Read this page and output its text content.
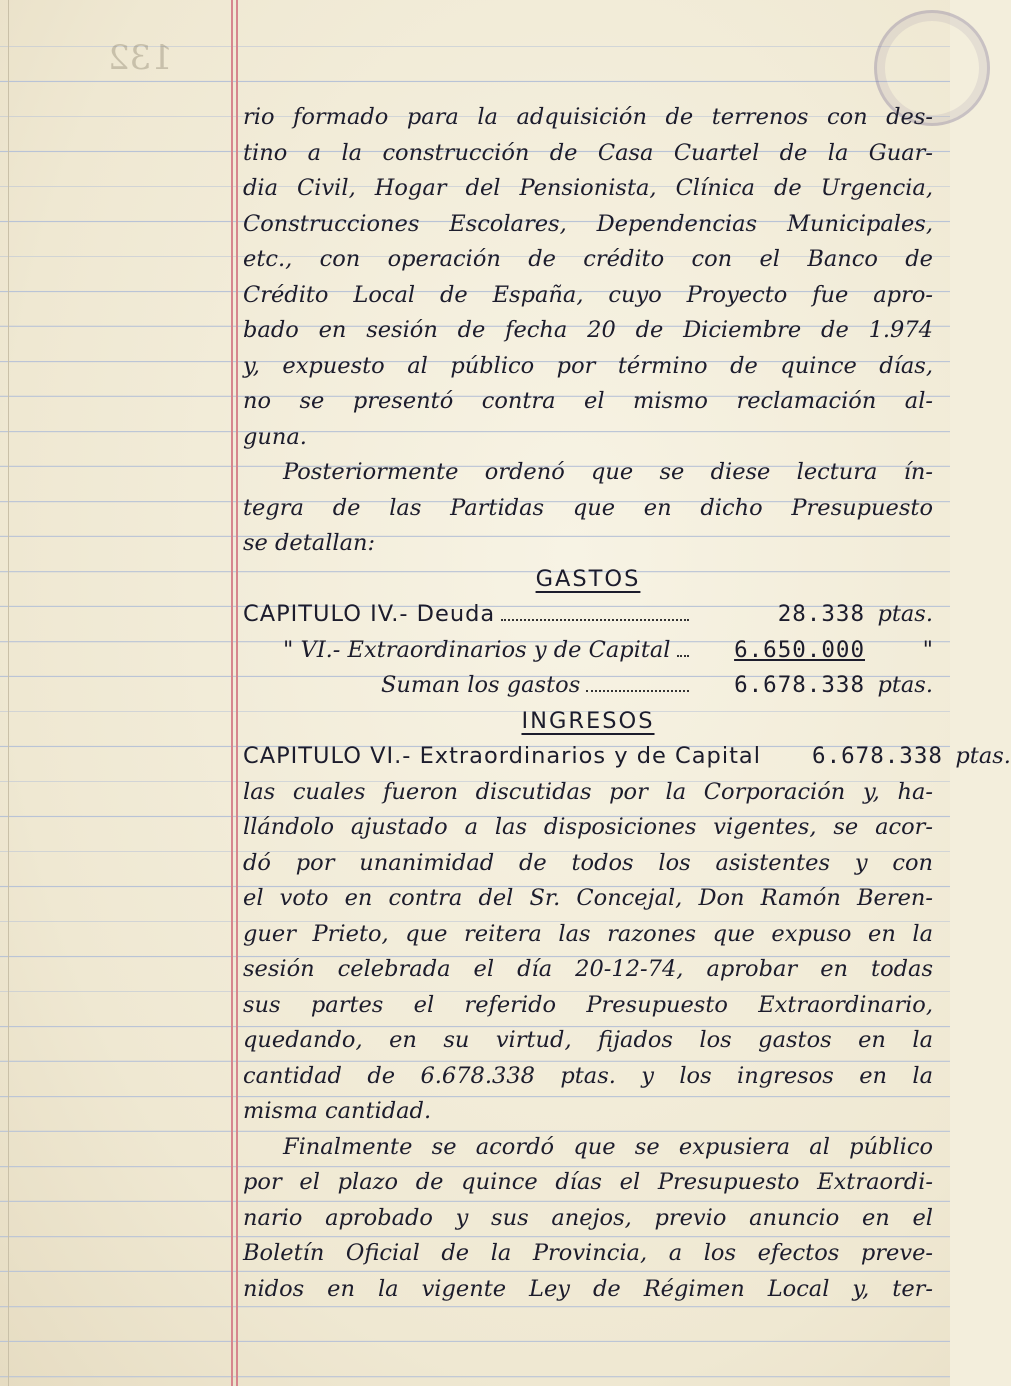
132
rio formado para la adquisición de terrenos con des-
tino a la construcción de Casa Cuartel de la Guar-
dia Civil, Hogar del Pensionista, Clínica de Urgencia,
Construcciones Escolares, Dependencias Municipales,
etc., con operación de crédito con el Banco de
Crédito Local de España, cuyo Proyecto fue apro-
bado en sesión de fecha 20 de Diciembre de 1.974
y, expuesto al público por término de quince días,
no se presentó contra el mismo reclamación al-
guna.
Posteriormente ordenó que se diese lectura ín-
tegra de las Partidas que en dicho Presupuesto
se detallan:
GASTOS
CAPITULO IV.- Deuda	28.338 ptas.
" VI.- Extraordinarios y de Capital	6.650.000	"
Suman los gastos	6.678.338 ptas.
INGRESOS
CAPITULO VI.- Extraordinarios y de Capital	6.678.338 ptas.
las cuales fueron discutidas por la Corporación y, ha-
llándolo ajustado a las disposiciones vigentes, se acor-
dó por unanimidad de todos los asistentes y con
el voto en contra del Sr. Concejal, Don Ramón Beren-
guer Prieto, que reitera las razones que expuso en la
sesión celebrada el día 20-12-74, aprobar en todas
sus partes el referido Presupuesto Extraordinario,
quedando, en su virtud, fijados los gastos en la
cantidad de 6.678.338 ptas. y los ingresos en la
misma cantidad.
Finalmente se acordó que se expusiera al público
por el plazo de quince días el Presupuesto Extraordi-
nario aprobado y sus anejos, previo anuncio en el
Boletín Oficial de la Provincia, a los efectos preve-
nidos en la vigente Ley de Régimen Local y, ter-
